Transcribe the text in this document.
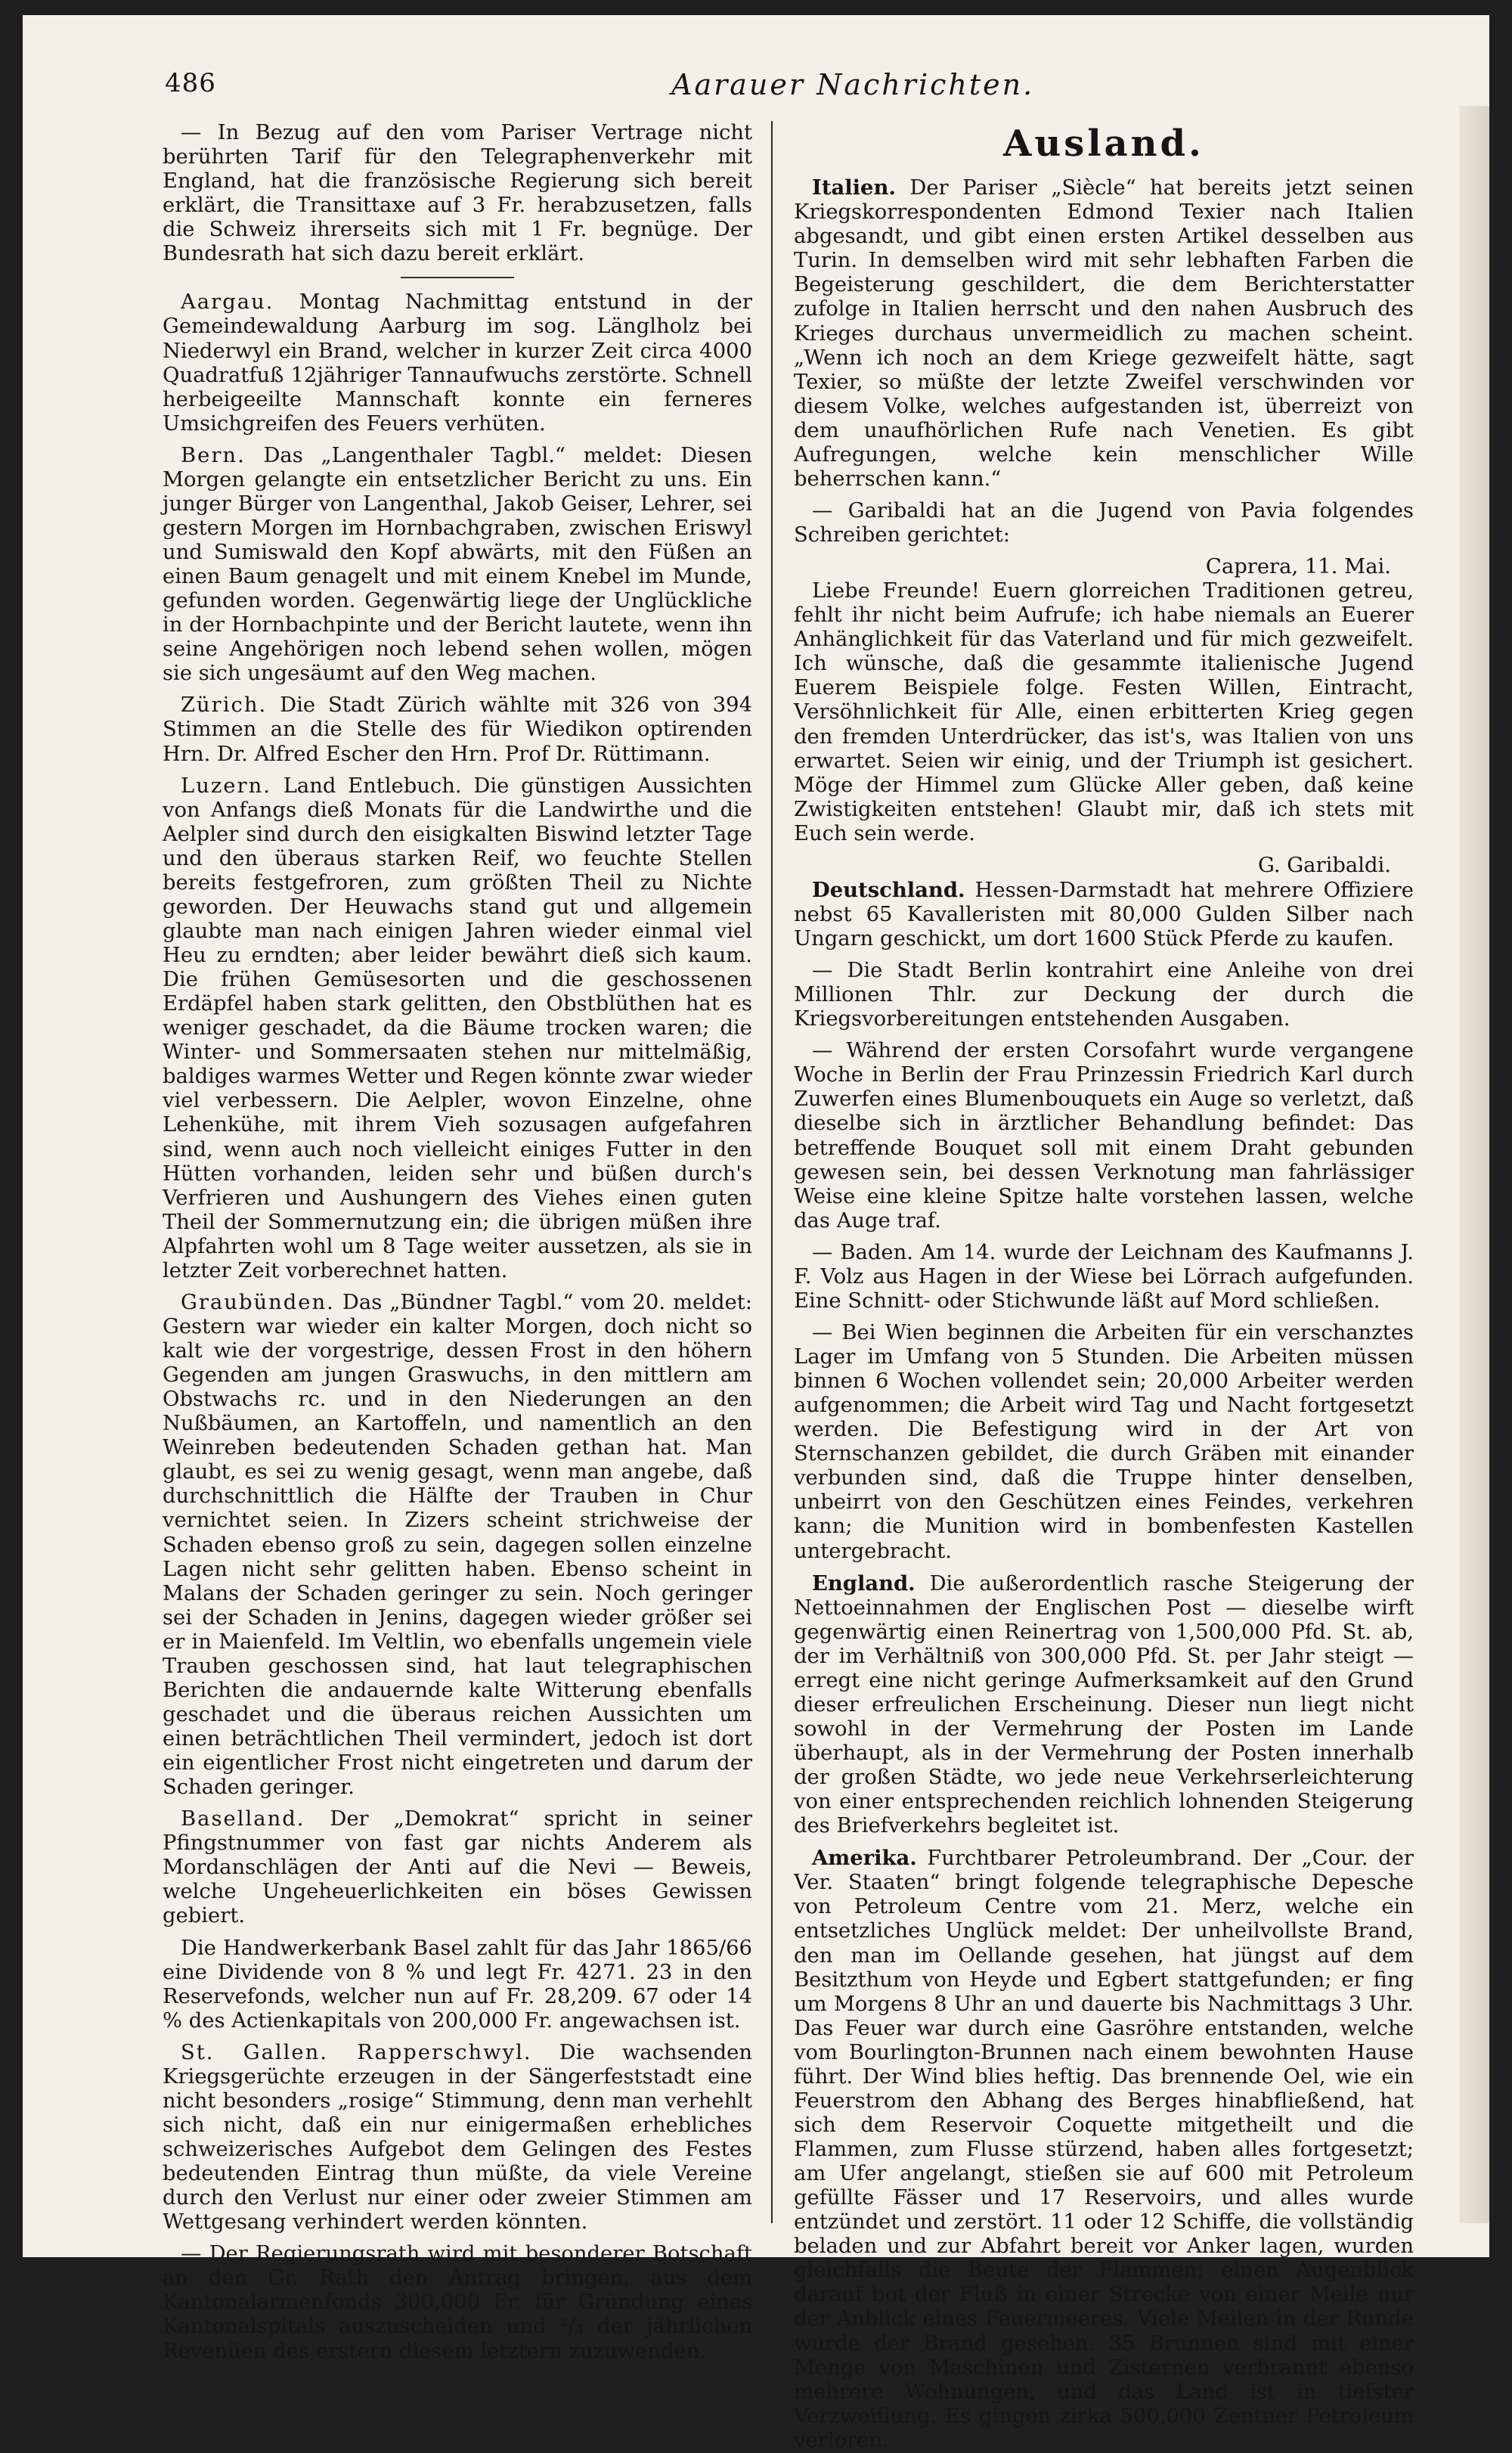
486	Aarauer Nachrichten.

— In Bezug auf den vom Pariser Vertrage nicht berührten Tarif für den Telegraphenverkehr mit England, hat die französische Regierung sich bereit erklärt, die Transittaxe auf 3 Fr. herabzusetzen, falls die Schweiz ihrerseits sich mit 1 Fr. begnüge. Der Bundesrath hat sich dazu bereit erklärt.

Aargau. Montag Nachmittag entstund in der Gemeindewaldung Aarburg im sog. Länglholz bei Niederwyl ein Brand, welcher in kurzer Zeit circa 4000 Quadratfuß 12jähriger Tannaufwuchs zerstörte. Schnell herbeigeeilte Mannschaft konnte ein ferneres Umsichgreifen des Feuers verhüten.

Bern. Das „Langenthaler Tagbl.“ meldet: Diesen Morgen gelangte ein entsetzlicher Bericht zu uns. Ein junger Bürger von Langenthal, Jakob Geiser, Lehrer, sei gestern Morgen im Hornbachgraben, zwischen Eriswyl und Sumiswald den Kopf abwärts, mit den Füßen an einen Baum genagelt und mit einem Knebel im Munde, gefunden worden. Gegenwärtig liege der Unglückliche in der Hornbachpinte und der Bericht lautete, wenn ihn seine Angehörigen noch lebend sehen wollen, mögen sie sich ungesäumt auf den Weg machen.

Zürich. Die Stadt Zürich wählte mit 326 von 394 Stimmen an die Stelle des für Wiedikon optirenden Hrn. Dr. Alfred Escher den Hrn. Prof Dr. Rüttimann.

Luzern. Land Entlebuch. Die günstigen Aussichten von Anfangs dieß Monats für die Landwirthe und die Aelpler sind durch den eisigkalten Biswind letzter Tage und den überaus starken Reif, wo feuchte Stellen bereits festgefroren, zum größten Theil zu Nichte geworden. Der Heuwachs stand gut und allgemein glaubte man nach einigen Jahren wieder einmal viel Heu zu erndten; aber leider bewährt dieß sich kaum. Die frühen Gemüsesorten und die geschossenen Erdäpfel haben stark gelitten, den Obstblüthen hat es weniger geschadet, da die Bäume trocken waren; die Winter- und Sommersaaten stehen nur mittelmäßig, baldiges warmes Wetter und Regen könnte zwar wieder viel verbessern. Die Aelpler, wovon Einzelne, ohne Lehenkühe, mit ihrem Vieh sozusagen aufgefahren sind, wenn auch noch vielleicht einiges Futter in den Hütten vorhanden, leiden sehr und büßen durch's Verfrieren und Aushungern des Viehes einen guten Theil der Sommernutzung ein; die übrigen müßen ihre Alpfahrten wohl um 8 Tage weiter aussetzen, als sie in letzter Zeit vorberechnet hatten.

Graubünden. Das „Bündner Tagbl.“ vom 20. meldet: Gestern war wieder ein kalter Morgen, doch nicht so kalt wie der vorgestrige, dessen Frost in den höhern Gegenden am jungen Graswuchs, in den mittlern am Obstwachs rc. und in den Niederungen an den Nußbäumen, an Kartoffeln, und namentlich an den Weinreben bedeutenden Schaden gethan hat. Man glaubt, es sei zu wenig gesagt, wenn man angebe, daß durchschnittlich die Hälfte der Trauben in Chur vernichtet seien. In Zizers scheint strichweise der Schaden ebenso groß zu sein, dagegen sollen einzelne Lagen nicht sehr gelitten haben. Ebenso scheint in Malans der Schaden geringer zu sein. Noch geringer sei der Schaden in Jenins, dagegen wieder größer sei er in Maienfeld. Im Veltlin, wo ebenfalls ungemein viele Trauben geschossen sind, hat laut telegraphischen Berichten die andauernde kalte Witterung ebenfalls geschadet und die überaus reichen Aussichten um einen beträchtlichen Theil vermindert, jedoch ist dort ein eigentlicher Frost nicht eingetreten und darum der Schaden geringer.

Baselland. Der „Demokrat“ spricht in seiner Pfingstnummer von fast gar nichts Anderem als Mordanschlägen der Anti auf die Nevi — Beweis, welche Ungeheuerlichkeiten ein böses Gewissen gebiert.

Die Handwerkerbank Basel zahlt für das Jahr 1865/66 eine Dividende von 8 % und legt Fr. 4271. 23 in den Reservefonds, welcher nun auf Fr. 28,209. 67 oder 14 % des Actienkapitals von 200,000 Fr. angewachsen ist.

St. Gallen. Rapperschwyl. Die wachsenden Kriegsgerüchte erzeugen in der Sängerfeststadt eine nicht besonders „rosige“ Stimmung, denn man verhehlt sich nicht, daß ein nur einigermaßen erhebliches schweizerisches Aufgebot dem Gelingen des Festes bedeutenden Eintrag thun müßte, da viele Vereine durch den Verlust nur einer oder zweier Stimmen am Wettgesang verhindert werden könnten.

— Der Regierungsrath wird mit besonderer Botschaft an den Gr. Rath den Antrag bringen, aus dem Kantonalarmenfonds 300,000 Fr. für Gründung eines Kantonalspitals auszuscheiden und ²/₃ der jährlichen Revenüen des erstern diesem letztern zuzuwenden.

Ausland.

Italien. Der Pariser „Siècle“ hat bereits jetzt seinen Kriegskorrespondenten Edmond Texier nach Italien abgesandt, und gibt einen ersten Artikel desselben aus Turin. In demselben wird mit sehr lebhaften Farben die Begeisterung geschildert, die dem Berichterstatter zufolge in Italien herrscht und den nahen Ausbruch des Krieges durchaus unvermeidlich zu machen scheint. „Wenn ich noch an dem Kriege gezweifelt hätte, sagt Texier, so müßte der letzte Zweifel verschwinden vor diesem Volke, welches aufgestanden ist, überreizt von dem unaufhörlichen Rufe nach Venetien. Es gibt Aufregungen, welche kein menschlicher Wille beherrschen kann.“

— Garibaldi hat an die Jugend von Pavia folgendes Schreiben gerichtet:

Caprera, 11. Mai.

Liebe Freunde! Euern glorreichen Traditionen getreu, fehlt ihr nicht beim Aufrufe; ich habe niemals an Euerer Anhänglichkeit für das Vaterland und für mich gezweifelt. Ich wünsche, daß die gesammte italienische Jugend Euerem Beispiele folge. Festen Willen, Eintracht, Versöhnlichkeit für Alle, einen erbitterten Krieg gegen den fremden Unterdrücker, das ist's, was Italien von uns erwartet. Seien wir einig, und der Triumph ist gesichert. Möge der Himmel zum Glücke Aller geben, daß keine Zwistigkeiten entstehen! Glaubt mir, daß ich stets mit Euch sein werde.

G. Garibaldi.

Deutschland. Hessen-Darmstadt hat mehrere Offiziere nebst 65 Kavalleristen mit 80,000 Gulden Silber nach Ungarn geschickt, um dort 1600 Stück Pferde zu kaufen.

— Die Stadt Berlin kontrahirt eine Anleihe von drei Millionen Thlr. zur Deckung der durch die Kriegsvorbereitungen entstehenden Ausgaben.

— Während der ersten Corsofahrt wurde vergangene Woche in Berlin der Frau Prinzessin Friedrich Karl durch Zuwerfen eines Blumenbouquets ein Auge so verletzt, daß dieselbe sich in ärztlicher Behandlung befindet: Das betreffende Bouquet soll mit einem Draht gebunden gewesen sein, bei dessen Verknotung man fahrlässiger Weise eine kleine Spitze halte vorstehen lassen, welche das Auge traf.

— Baden. Am 14. wurde der Leichnam des Kaufmanns J. F. Volz aus Hagen in der Wiese bei Lörrach aufgefunden. Eine Schnitt- oder Stichwunde läßt auf Mord schließen.

— Bei Wien beginnen die Arbeiten für ein verschanztes Lager im Umfang von 5 Stunden. Die Arbeiten müssen binnen 6 Wochen vollendet sein; 20,000 Arbeiter werden aufgenommen; die Arbeit wird Tag und Nacht fortgesetzt werden. Die Befestigung wird in der Art von Sternschanzen gebildet, die durch Gräben mit einander verbunden sind, daß die Truppe hinter denselben, unbeirrt von den Geschützen eines Feindes, verkehren kann; die Munition wird in bombenfesten Kastellen untergebracht.

England. Die außerordentlich rasche Steigerung der Nettoeinnahmen der Englischen Post — dieselbe wirft gegenwärtig einen Reinertrag von 1,500,000 Pfd. St. ab, der im Verhältniß von 300,000 Pfd. St. per Jahr steigt — erregt eine nicht geringe Aufmerksamkeit auf den Grund dieser erfreulichen Erscheinung. Dieser nun liegt nicht sowohl in der Vermehrung der Posten im Lande überhaupt, als in der Vermehrung der Posten innerhalb der großen Städte, wo jede neue Verkehrserleichterung von einer entsprechenden reichlich lohnenden Steigerung des Briefverkehrs begleitet ist.

Amerika. Furchtbarer Petroleumbrand. Der „Cour. der Ver. Staaten“ bringt folgende telegraphische Depesche von Petroleum Centre vom 21. Merz, welche ein entsetzliches Unglück meldet: Der unheilvollste Brand, den man im Oellande gesehen, hat jüngst auf dem Besitzthum von Heyde und Egbert stattgefunden; er fing um Morgens 8 Uhr an und dauerte bis Nachmittags 3 Uhr. Das Feuer war durch eine Gasröhre entstanden, welche vom Bourlington-Brunnen nach einem bewohnten Hause führt. Der Wind blies heftig. Das brennende Oel, wie ein Feuerstrom den Abhang des Berges hinabfließend, hat sich dem Reservoir Coquette mitgetheilt und die Flammen, zum Flusse stürzend, haben alles fortgesetzt; am Ufer angelangt, stießen sie auf 600 mit Petroleum gefüllte Fässer und 17 Reservoirs, und alles wurde entzündet und zerstört. 11 oder 12 Schiffe, die vollständig beladen und zur Abfahrt bereit vor Anker lagen, wurden gleichfalls die Beute der Flammen; einen Augenblick darauf bot der Fluß in einer Strecke von einer Meile nur der Anblick eines Feuermeeres. Viele Meilen in der Runde wurde der Brand gesehen. 35 Brunnen sind mit einer Menge von Maschinen und Zisternen verbrannt ebenso mehrere Wohnungen, und das Land ist in tiefster Verzweiflung. Es gingen zirka 500,000 Zentner Petroleum verloren.
